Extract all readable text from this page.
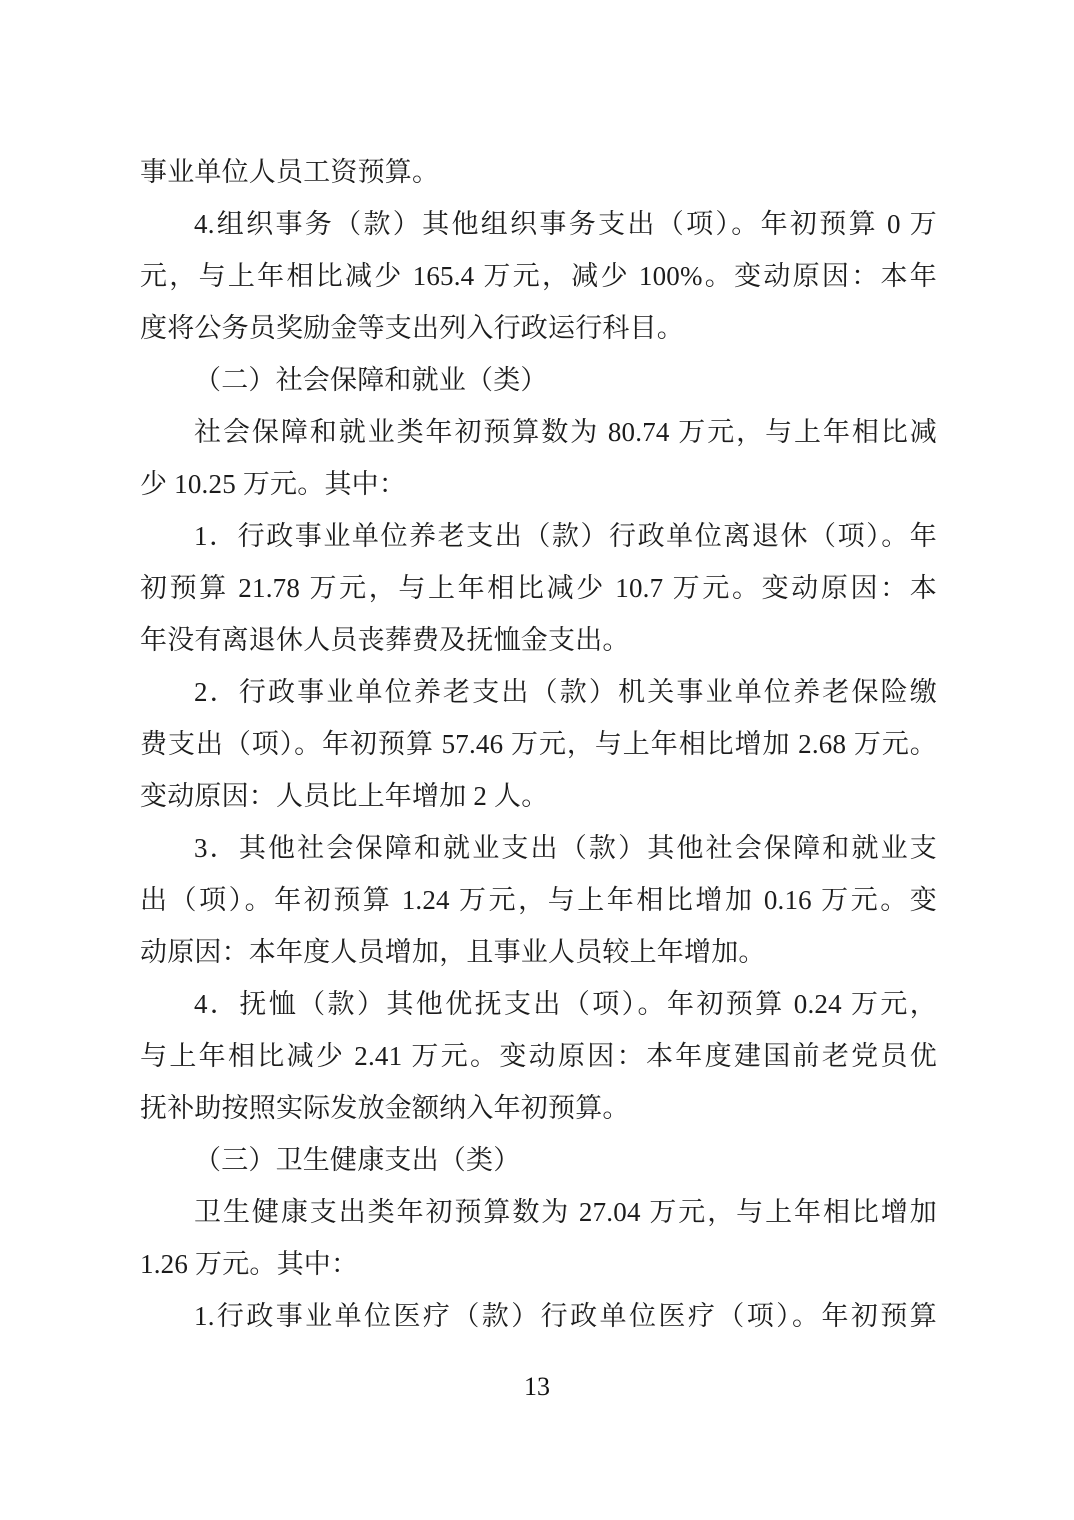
事业单位人员工资预算。
4.组织事务（款）其他组织事务支出（项）。年初预算 0 万
元，与上年相比减少 165.4 万元，减少 100%。变动原因：本年
度将公务员奖励金等支出列入行政运行科目。
（二）社会保障和就业（类）
社会保障和就业类年初预算数为 80.74 万元，与上年相比减
少 10.25 万元。其中：
1．行政事业单位养老支出（款）行政单位离退休（项）。年
初预算 21.78 万元，与上年相比减少 10.7 万元。变动原因：本
年没有离退休人员丧葬费及抚恤金支出。
2．行政事业单位养老支出（款）机关事业单位养老保险缴
费支出（项）。年初预算 57.46 万元，与上年相比增加 2.68 万元。
变动原因：人员比上年增加 2 人。
3．其他社会保障和就业支出（款）其他社会保障和就业支
出（项）。年初预算 1.24 万元，与上年相比增加 0.16 万元。变
动原因：本年度人员增加，且事业人员较上年增加。
4．抚恤（款）其他优抚支出（项）。年初预算 0.24 万元，
与上年相比减少 2.41 万元。变动原因：本年度建国前老党员优
抚补助按照实际发放金额纳入年初预算。
（三）卫生健康支出（类）
卫生健康支出类年初预算数为 27.04 万元，与上年相比增加
1.26 万元。其中：
1.行政事业单位医疗（款）行政单位医疗（项）。年初预算
13
